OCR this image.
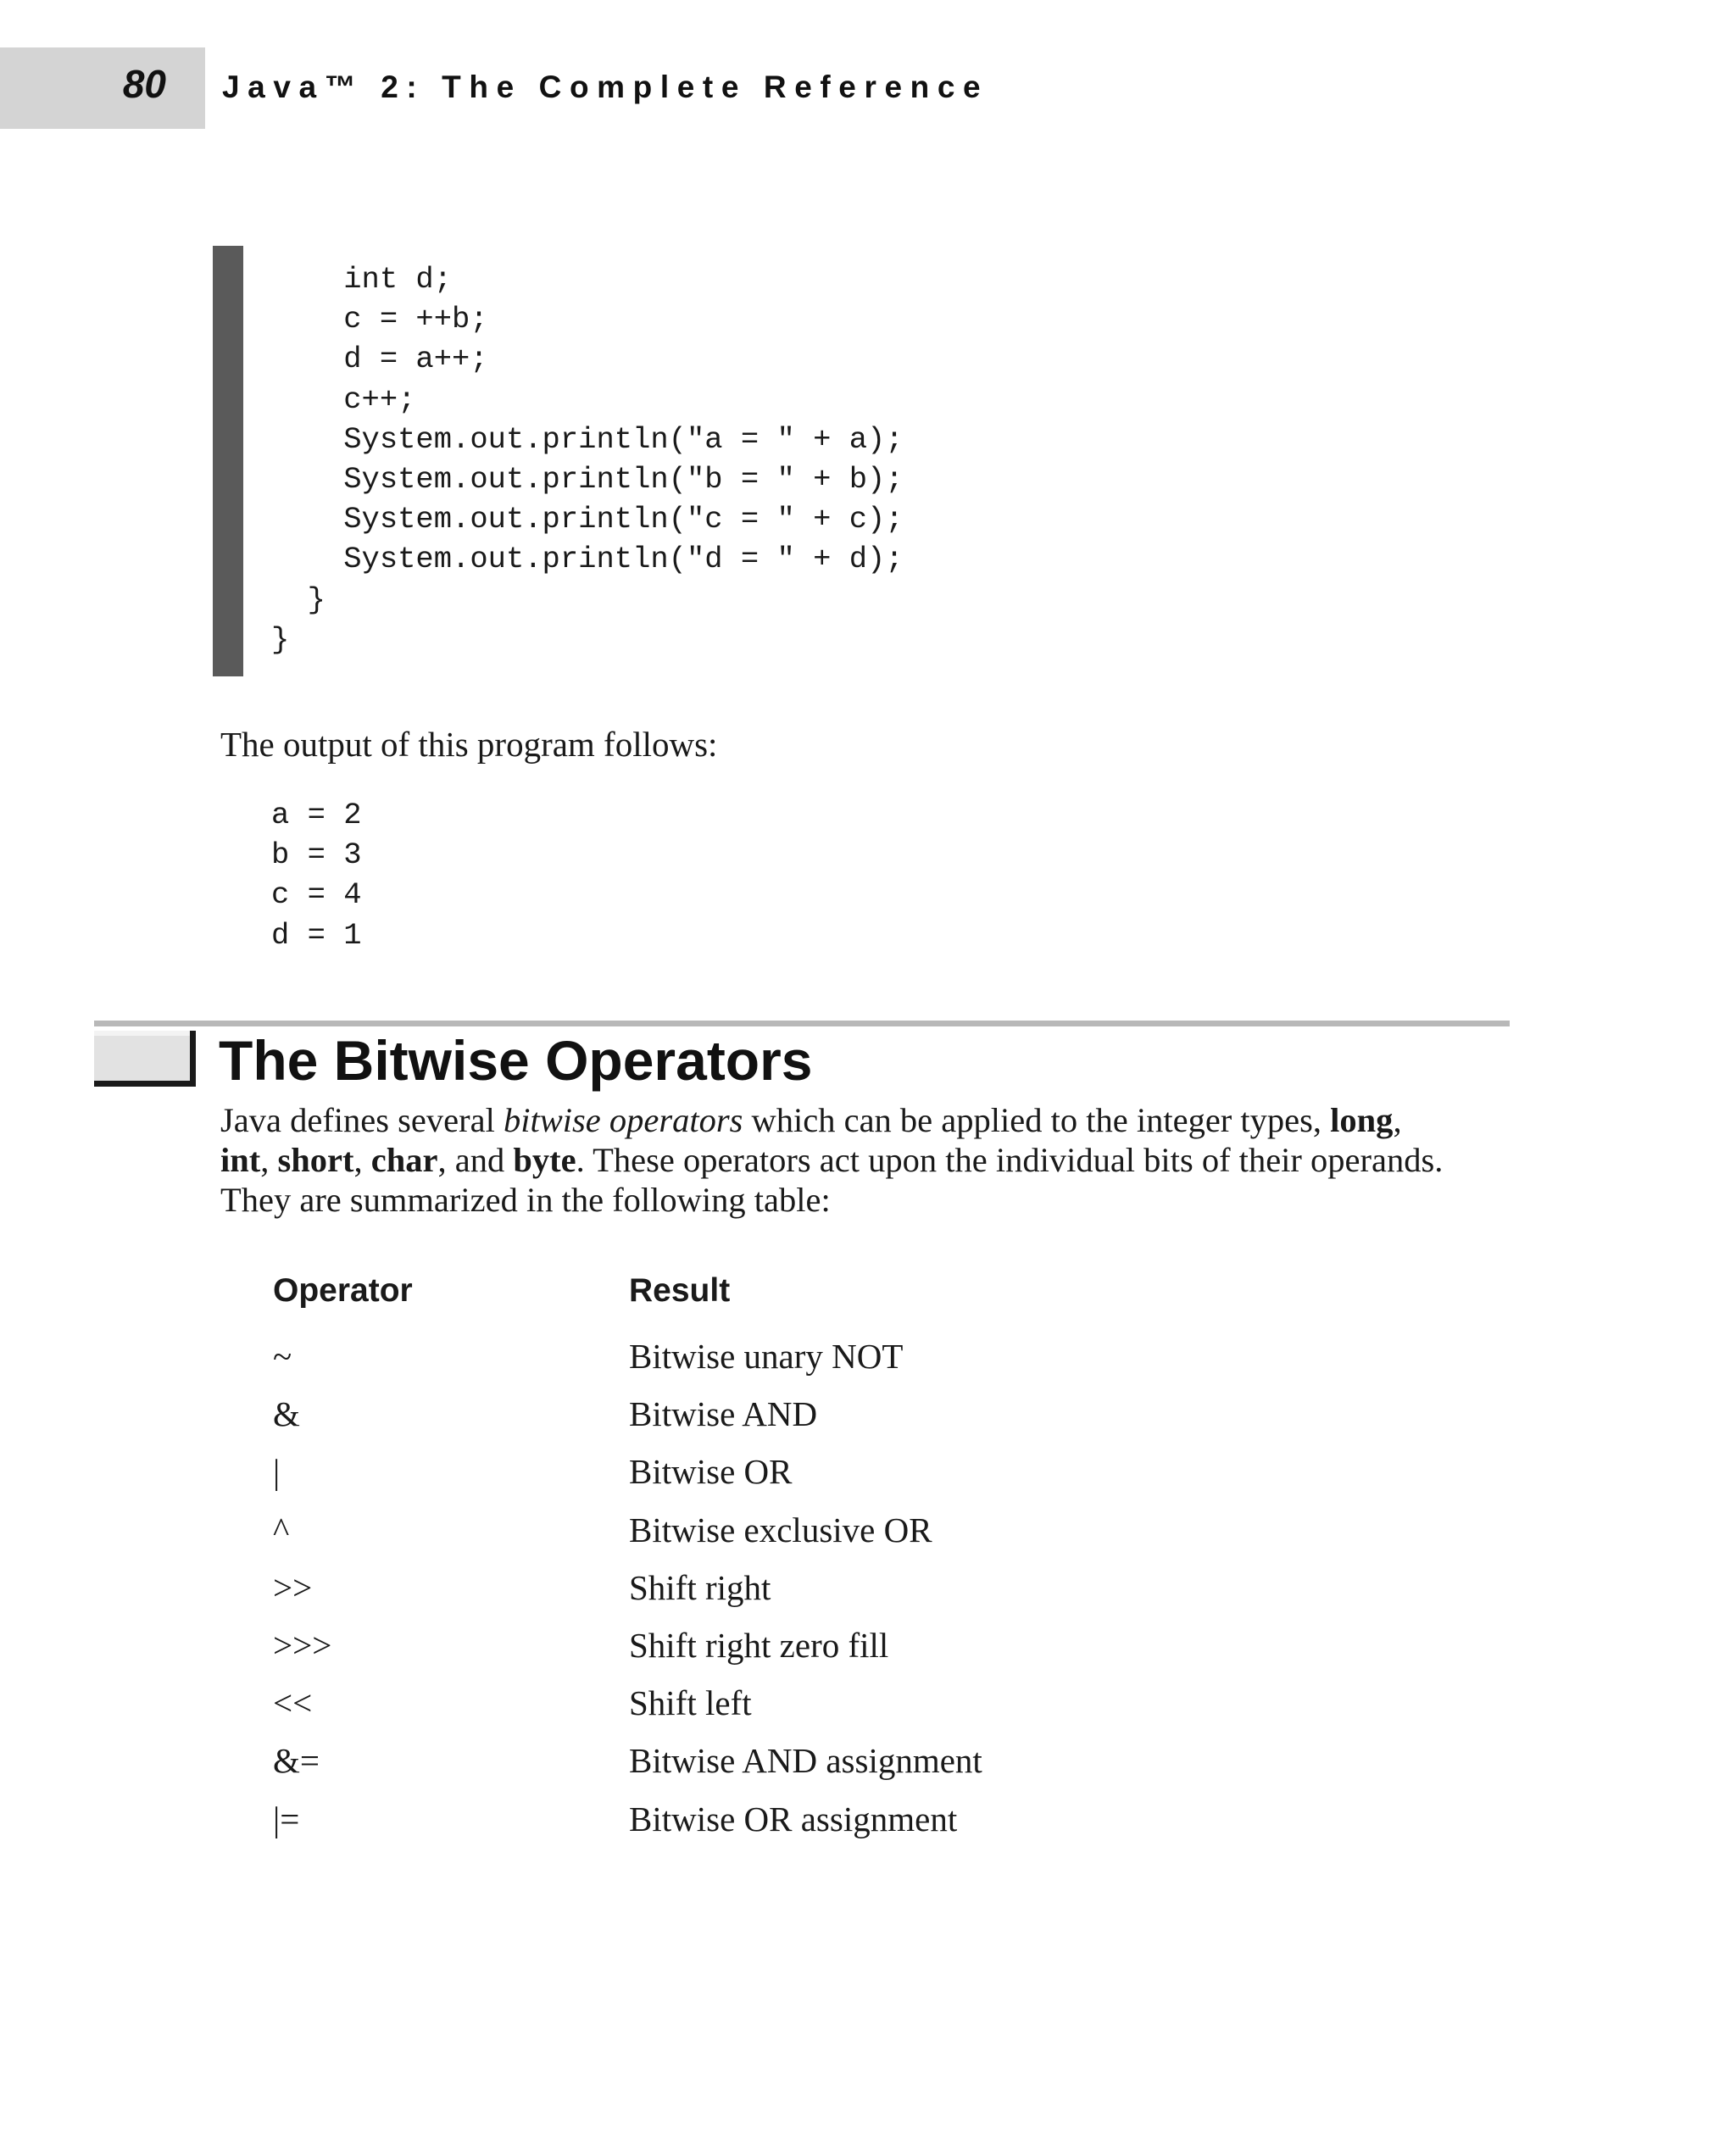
80 Java™ 2: The Complete Reference
int d;
c = ++b;
d = a++;
c++;
System.out.println("a = " + a);
System.out.println("b = " + b);
System.out.println("c = " + c);
System.out.println("d = " + d);
}
}
The output of this program follows:
a = 2
b = 3
c = 4
d = 1
The Bitwise Operators
Java defines several bitwise operators which can be applied to the integer types, long,
int, short, char, and byte. These operators act upon the individual bits of their operands.
They are summarized in the following table:
Operator	Result
~	Bitwise unary NOT
&	Bitwise AND
|	Bitwise OR
^	Bitwise exclusive OR
>>	Shift right
>>>	Shift right zero fill
<<	Shift left
&=	Bitwise AND assignment
|=	Bitwise OR assignment
